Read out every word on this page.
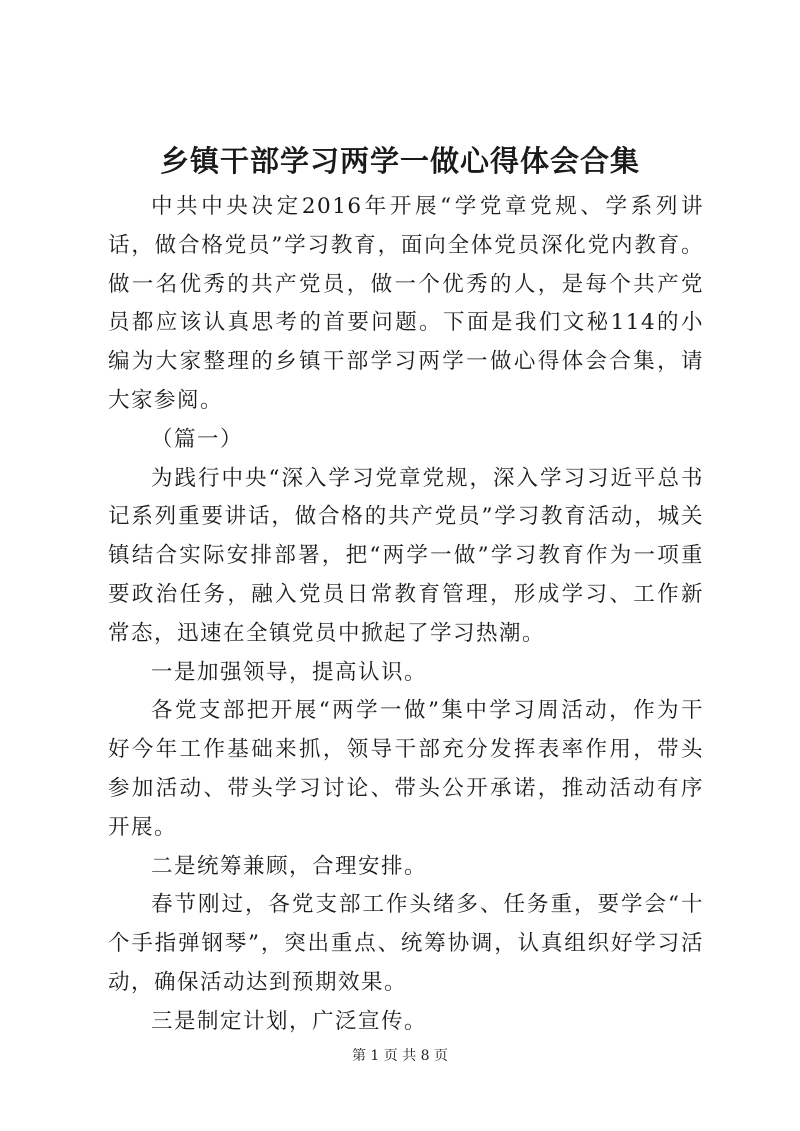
乡镇干部学习两学一做心得体会合集

中共中央决定2016年开展“学党章党规、学系列讲话，做合格党员”学习教育，面向全体党员深化党内教育。做一名优秀的共产党员，做一个优秀的人，是每个共产党员都应该认真思考的首要问题。下面是我们文秘114的小编为大家整理的乡镇干部学习两学一做心得体会合集，请大家参阅。

（篇一）

为践行中央“深入学习党章党规，深入学习习近平总书记系列重要讲话，做合格的共产党员”学习教育活动，城关镇结合实际安排部署，把“两学一做”学习教育作为一项重要政治任务，融入党员日常教育管理，形成学习、工作新常态，迅速在全镇党员中掀起了学习热潮。

一是加强领导，提高认识。

各党支部把开展“两学一做”集中学习周活动，作为干好今年工作基础来抓，领导干部充分发挥表率作用，带头参加活动、带头学习讨论、带头公开承诺，推动活动有序开展。

二是统筹兼顾，合理安排。

春节刚过，各党支部工作头绪多、任务重，要学会“十个手指弹钢琴”，突出重点、统筹协调，认真组织好学习活动，确保活动达到预期效果。

三是制定计划，广泛宣传。

第 1 页 共 8 页
